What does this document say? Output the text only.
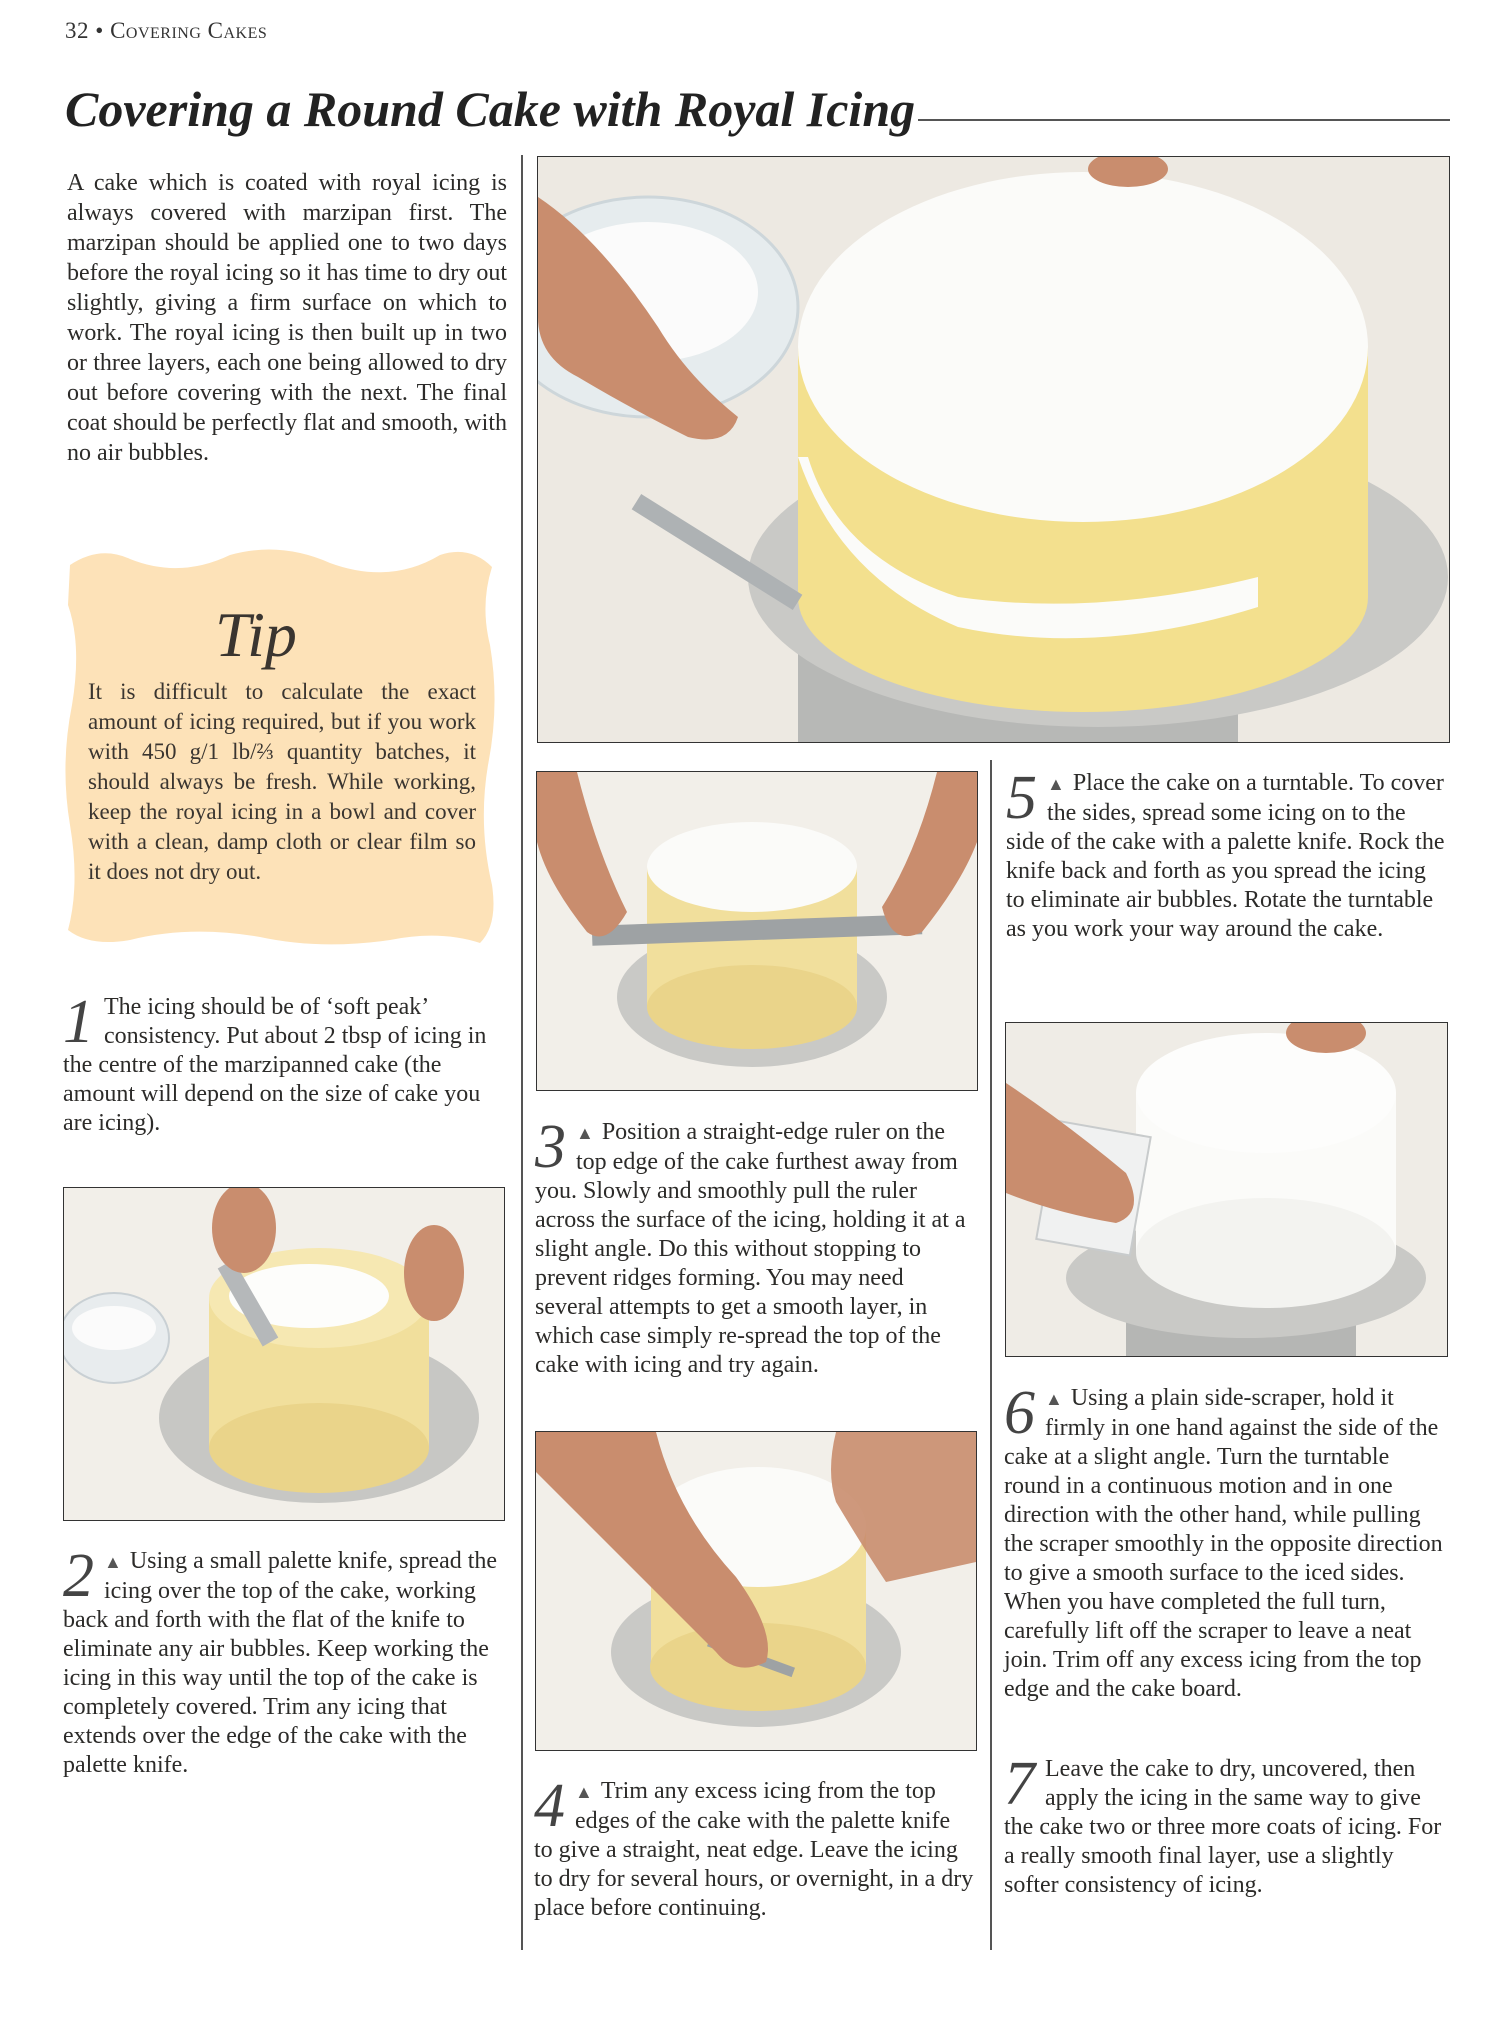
32 • Covering Cakes
Covering a Round Cake with Royal Icing
A cake which is coated with royal icing is always covered with marzipan first. The marzipan should be applied one to two days before the royal icing so it has time to dry out slightly, giving a firm surface on which to work. The royal icing is then built up in two or three layers, each one being allowed to dry out before covering with the next. The final coat should be perfectly flat and smooth, with no air bubbles.
Tip
It is difficult to calculate the exact amount of icing required, but if you work with 450 g/1 lb/⅔ quantity batches, it should always be fresh. While working, keep the royal icing in a bowl and cover with a clean, damp cloth or clear film so it does not dry out.
1 The icing should be of ‘soft peak’ consistency. Put about 2 tbsp of icing in the centre of the marzipanned cake (the amount will depend on the size of cake you are icing).
2 ▲ Using a small palette knife, spread the icing over the top of the cake, working back and forth with the flat of the knife to eliminate any air bubbles. Keep working the icing in this way until the top of the cake is completely covered. Trim any icing that extends over the edge of the cake with the palette knife.
3 ▲ Position a straight-edge ruler on the top edge of the cake furthest away from you. Slowly and smoothly pull the ruler across the surface of the icing, holding it at a slight angle. Do this without stopping to prevent ridges forming. You may need several attempts to get a smooth layer, in which case simply re-spread the top of the cake with icing and try again.
4 ▲ Trim any excess icing from the top edges of the cake with the palette knife to give a straight, neat edge. Leave the icing to dry for several hours, or overnight, in a dry place before continuing.
5 ▲ Place the cake on a turntable. To cover the sides, spread some icing on to the side of the cake with a palette knife. Rock the knife back and forth as you spread the icing to eliminate air bubbles. Rotate the turntable as you work your way around the cake.
6 ▲ Using a plain side-scraper, hold it firmly in one hand against the side of the cake at a slight angle. Turn the turntable round in a continuous motion and in one direction with the other hand, while pulling the scraper smoothly in the opposite direction to give a smooth surface to the iced sides. When you have completed the full turn, carefully lift off the scraper to leave a neat join. Trim off any excess icing from the top edge and the cake board.
7 Leave the cake to dry, uncovered, then apply the icing in the same way to give the cake two or three more coats of icing. For a really smooth final layer, use a slightly softer consistency of icing.
